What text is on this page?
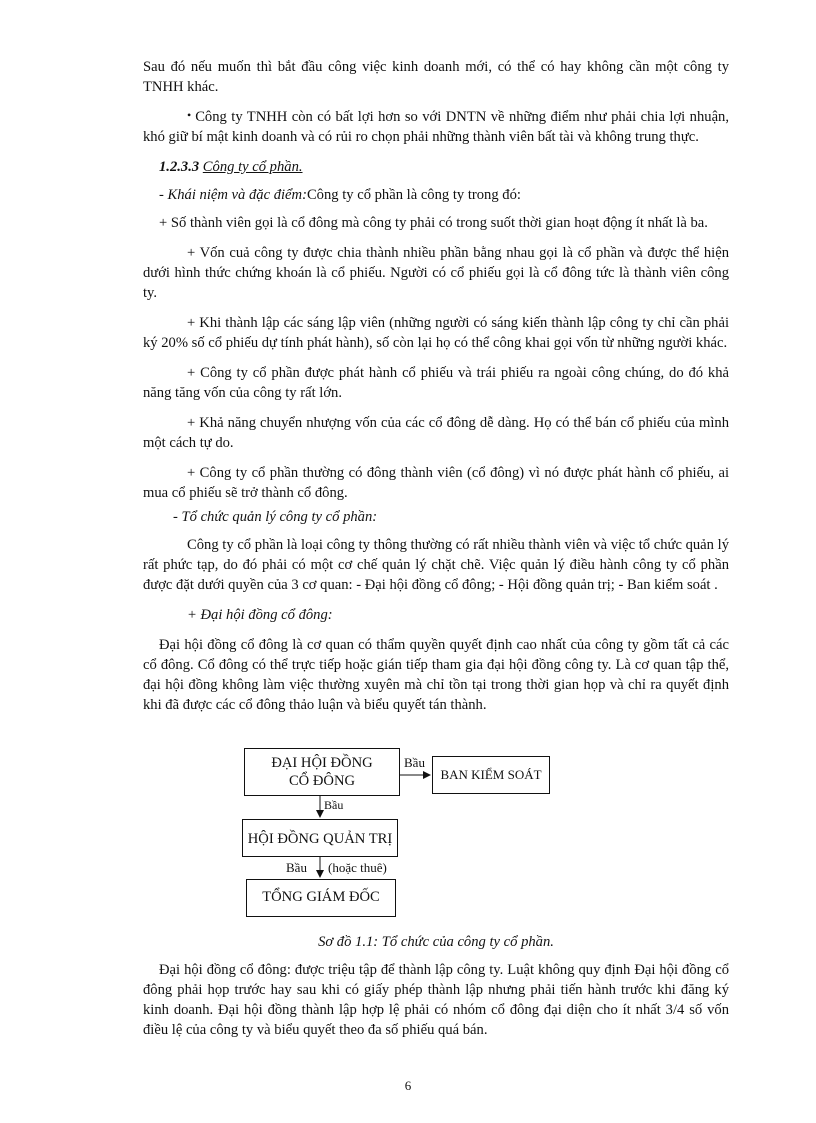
Sau đó nếu muốn thì bắt đầu công việc kinh doanh mới, có thể có hay không cần một công ty TNHH khác.

• Công ty TNHH còn có bất lợi hơn so với DNTN về những điểm như phải chia lợi nhuận, khó giữ bí mật kinh doanh và có rủi ro chọn phải những thành viên bất tài và không trung thực.

1.2.3.3 Công ty cổ phần.

- Khái niệm và đặc điểm:Công ty cổ phần là công ty trong đó:

+ Số thành viên gọi là cổ đông mà công ty phải có trong suốt thời gian hoạt động ít nhất là ba.

+ Vốn cuả công ty được chia thành nhiều phần bằng nhau gọi là cổ phần và được thể hiện dưới hình thức chứng khoán là cổ phiếu. Người có cổ phiếu gọi là cổ đông tức là thành viên công ty.

+ Khi thành lập các sáng lập viên (những người có sáng kiến thành lập công ty chỉ cần phải ký 20% số cổ phiếu dự tính phát hành), số còn lại họ có thể công khai gọi vốn từ những người khác.

+ Công ty cổ phần được phát hành cổ phiếu và trái phiếu ra ngoài công chúng, do đó khả năng tăng vốn của công ty rất lớn.

+ Khả năng chuyển nhượng vốn của các cổ đông dễ dàng. Họ có thể bán cổ phiếu của mình một cách tự do.

+ Công ty cổ phần thường có đông thành viên (cổ đông) vì nó được phát hành cổ phiếu, ai mua cổ phiếu sẽ trở thành cổ đông.

- Tổ chức quản lý công ty cổ phần:

Công ty cổ phần là loại công ty thông thường có rất nhiều thành viên và việc tổ chức quản lý rất phức tạp, do đó phải có một cơ chế quản lý chặt chẽ. Việc quản lý điều hành công ty cổ phần được đặt dưới quyền của 3 cơ quan: - Đại hội đồng cổ đông; - Hội đồng quản trị; - Ban kiểm soát .

+ Đại hội đồng cổ đông:

Đại hội đồng cổ đông là cơ quan có thẩm quyền quyết định cao nhất của công ty gồm tất cả các cổ đông. Cổ đông có thể trực tiếp hoặc gián tiếp tham gia đại hội đồng công ty. Là cơ quan tập thể, đại hội đồng không làm việc thường xuyên mà chỉ tồn tại trong thời gian họp và chỉ ra quyết định khi đã được các cổ đông thảo luận và biểu quyết tán thành.

ĐẠI HỘI ĐỒNG
CỔ ĐÔNG	BAN KIỂM SOÁT
HỘI ĐỒNG QUẢN TRỊ
TỔNG GIÁM ĐỐC
Bầu
Bầu
Bầu (hoặc thuê)
Sơ đồ 1.1: Tổ chức của công ty cổ phần.

Đại hội đồng cổ đông: được triệu tập để thành lập công ty. Luật không quy định Đại hội đồng cổ đông phải họp trước hay sau khi có giấy phép thành lập nhưng phải tiến hành trước khi đăng ký kinh doanh. Đại hội đồng thành lập hợp lệ phải có nhóm cổ đông đại diện cho ít nhất 3/4 số vốn điều lệ của công ty và biểu quyết theo đa số phiếu quá bán.

6
